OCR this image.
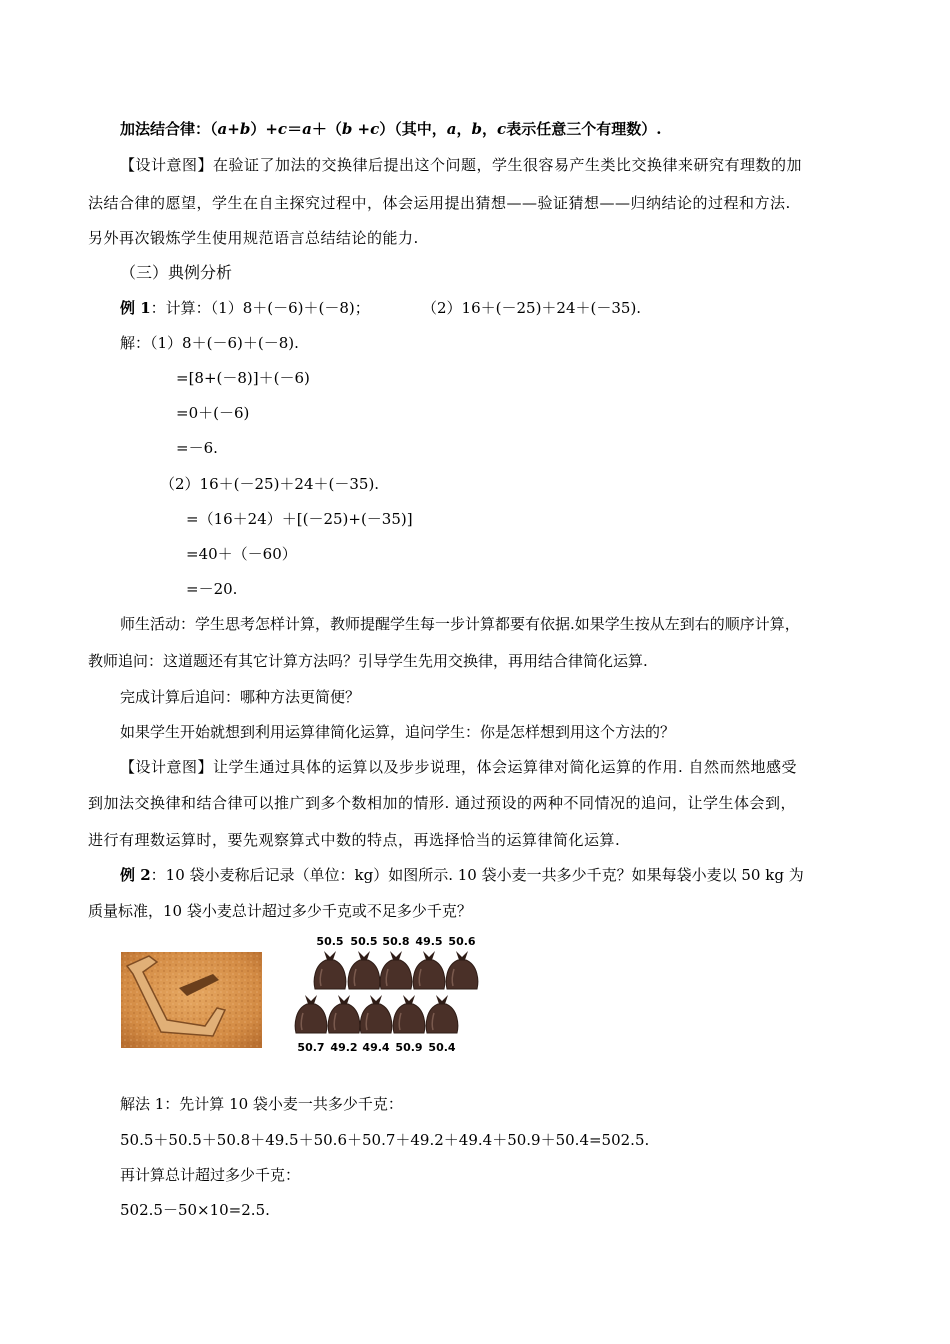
加法结合律：（a+b）+c＝a＋（b +c）（其中，a，b，c表示任意三个有理数）.
【设计意图】在验证了加法的交换律后提出这个问题，学生很容易产生类比交换律来研究有理数的加
法结合律的愿望，学生在自主探究过程中，体会运用提出猜想——验证猜想——归纳结论的过程和方法.
另外再次锻炼学生使用规范语言总结结论的能力.
（三）典例分析
例 1：计算：（1）8＋(－6)＋(－8)；	（2）16＋(－25)＋24＋(－35).
解：（1）8＋(－6)＋(－8).
=[8+(－8)]＋(－6)
=0＋(－6)
=－6.
（2）16＋(－25)＋24＋(－35).
=（16＋24）＋[(－25)+(－35)]
=40＋（－60）
=－20.
师生活动：学生思考怎样计算，教师提醒学生每一步计算都要有依据.如果学生按从左到右的顺序计算，
教师追问：这道题还有其它计算方法吗？引导学生先用交换律，再用结合律简化运算.
完成计算后追问：哪种方法更简便？
如果学生开始就想到利用运算律简化运算，追问学生：你是怎样想到用这个方法的？
【设计意图】让学生通过具体的运算以及步步说理，体会运算律对简化运算的作用. 自然而然地感受
到加法交换律和结合律可以推广到多个数相加的情形. 通过预设的两种不同情况的追问，让学生体会到，
进行有理数运算时，要先观察算式中数的特点，再选择恰当的运算律简化运算.
例 2：10 袋小麦称后记录（单位：kg）如图所示. 10 袋小麦一共多少千克？如果每袋小麦以 50 kg 为
质量标准，10 袋小麦总计超过多少千克或不足多少千克？
50.5 50.5 50.8 49.5 50.6
50.7 49.2 49.4 50.9 50.4
解法 1：先计算 10 袋小麦一共多少千克：
50.5＋50.5＋50.8＋49.5＋50.6＋50.7＋49.2＋49.4＋50.9＋50.4=502.5.
再计算总计超过多少千克：
502.5－50×10=2.5.
